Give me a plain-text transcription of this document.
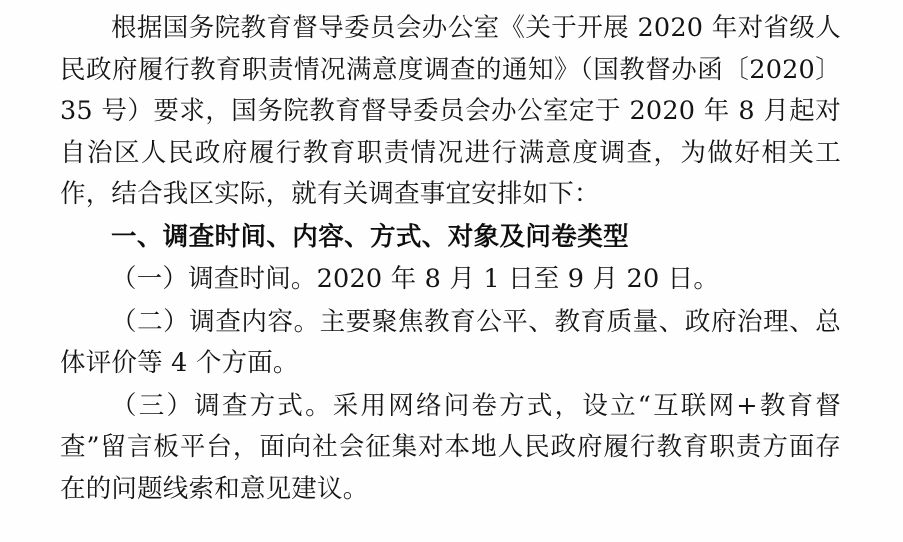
根据国务院教育督导委员会办公室《关于开展 2020 年对省级人民政府履行教育职责情况满意度调查的通知》（国教督办函〔2020〕35 号）要求，国务院教育督导委员会办公室定于 2020 年 8 月起对自治区人民政府履行教育职责情况进行满意度调查，为做好相关工作，结合我区实际，就有关调查事宜安排如下：

一、调查时间、内容、方式、对象及问卷类型

（一）调查时间。2020 年 8 月 1 日至 9 月 20 日。

（二）调查内容。主要聚焦教育公平、教育质量、政府治理、总体评价等 4 个方面。

（三）调查方式。采用网络问卷方式，设立“互联网+教育督查”留言板平台，面向社会征集对本地人民政府履行教育职责方面存在的问题线索和意见建议。
